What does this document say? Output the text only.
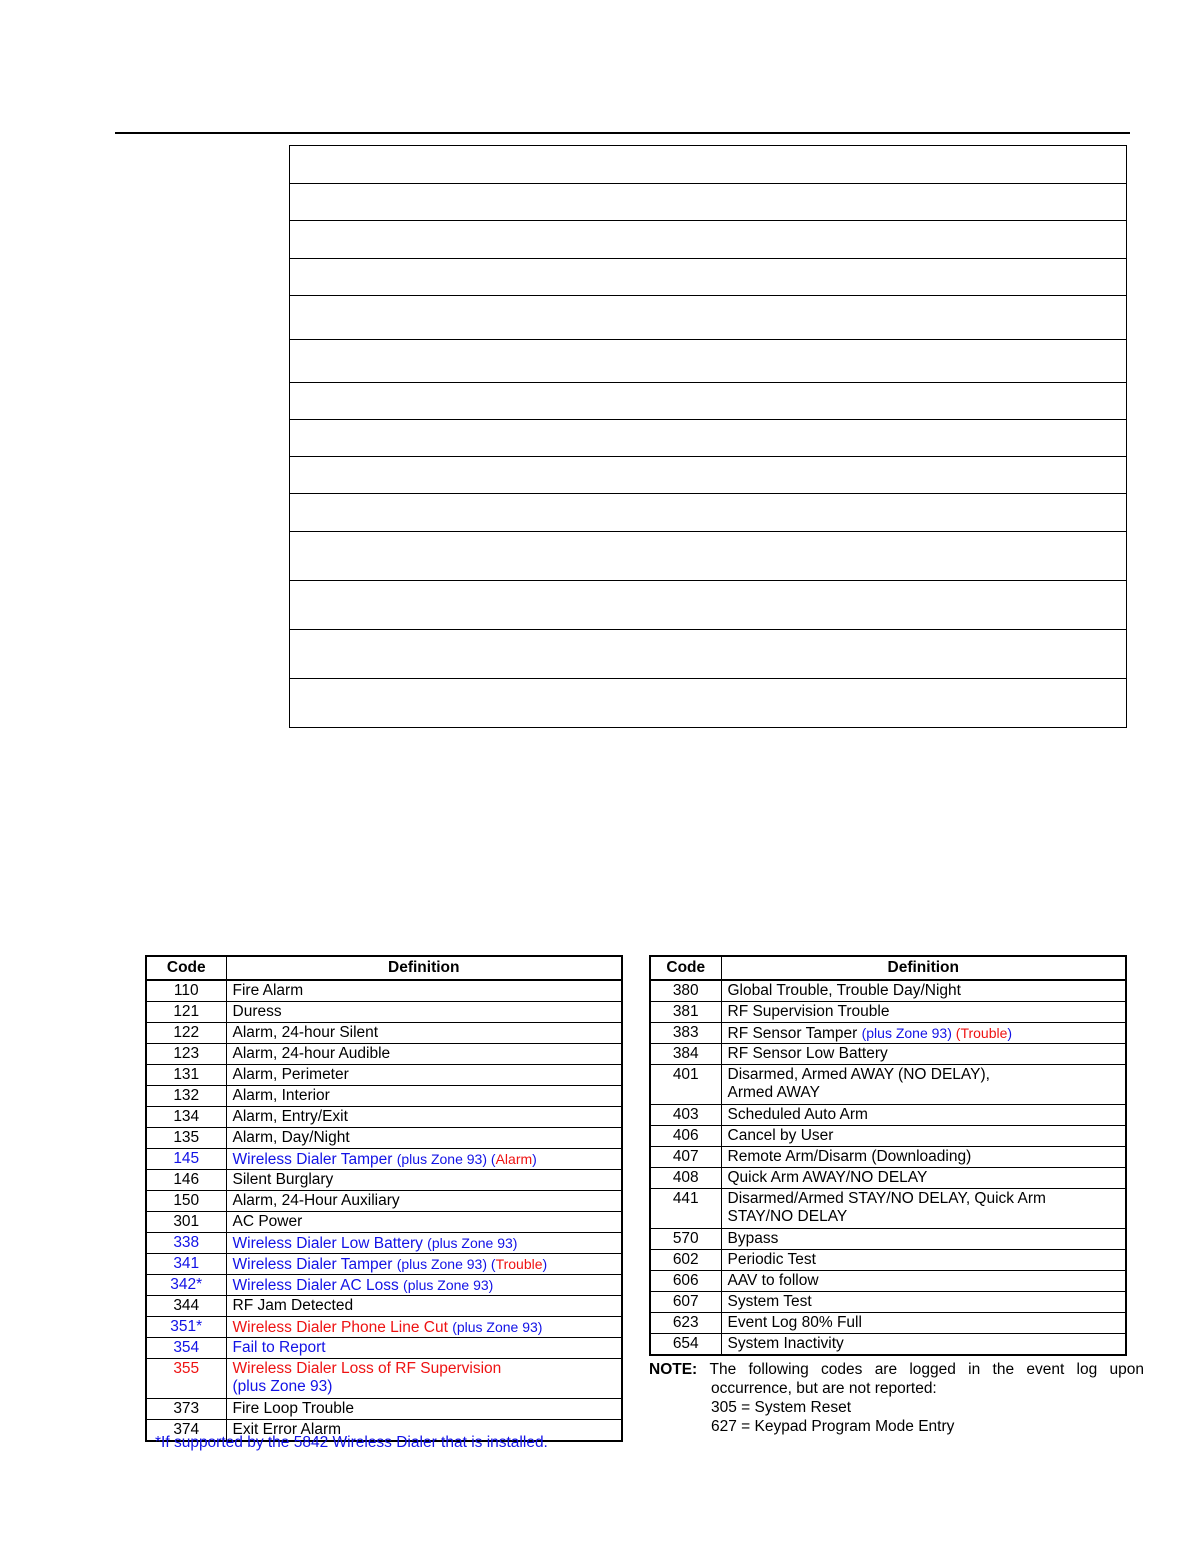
Code	Definition
110	Fire Alarm
121	Duress
122	Alarm, 24-hour Silent
123	Alarm, 24-hour Audible
131	Alarm, Perimeter
132	Alarm, Interior
134	Alarm, Entry/Exit
135	Alarm, Day/Night
145	Wireless Dialer Tamper (plus Zone 93) (Alarm)
146	Silent Burglary
150	Alarm, 24-Hour Auxiliary
301	AC Power
338	Wireless Dialer Low Battery (plus Zone 93)
341	Wireless Dialer Tamper (plus Zone 93) (Trouble)
342*	Wireless Dialer AC Loss (plus Zone 93)
344	RF Jam Detected
351*	Wireless Dialer Phone Line Cut (plus Zone 93)
354	Fail to Report
355	Wireless Dialer Loss of RF Supervision
(plus Zone 93)
373	Fire Loop Trouble
374	Exit Error Alarm
Code	Definition
380	Global Trouble, Trouble Day/Night
381	RF Supervision Trouble
383	RF Sensor Tamper (plus Zone 93) (Trouble)
384	RF Sensor Low Battery
401	Disarmed, Armed AWAY (NO DELAY),
Armed AWAY
403	Scheduled Auto Arm
406	Cancel by User
407	Remote Arm/Disarm (Downloading)
408	Quick Arm AWAY/NO DELAY
441	Disarmed/Armed STAY/NO DELAY, Quick Arm
STAY/NO DELAY
570	Bypass
602	Periodic Test
606	AAV to follow
607	System Test
623	Event Log 80% Full
654	System Inactivity
*If supported by the 5842 Wireless Dialer that is installed.
NOTE: The following codes are logged in the event log upon
occurrence, but are not reported:
305 = System Reset
627 = Keypad Program Mode Entry
